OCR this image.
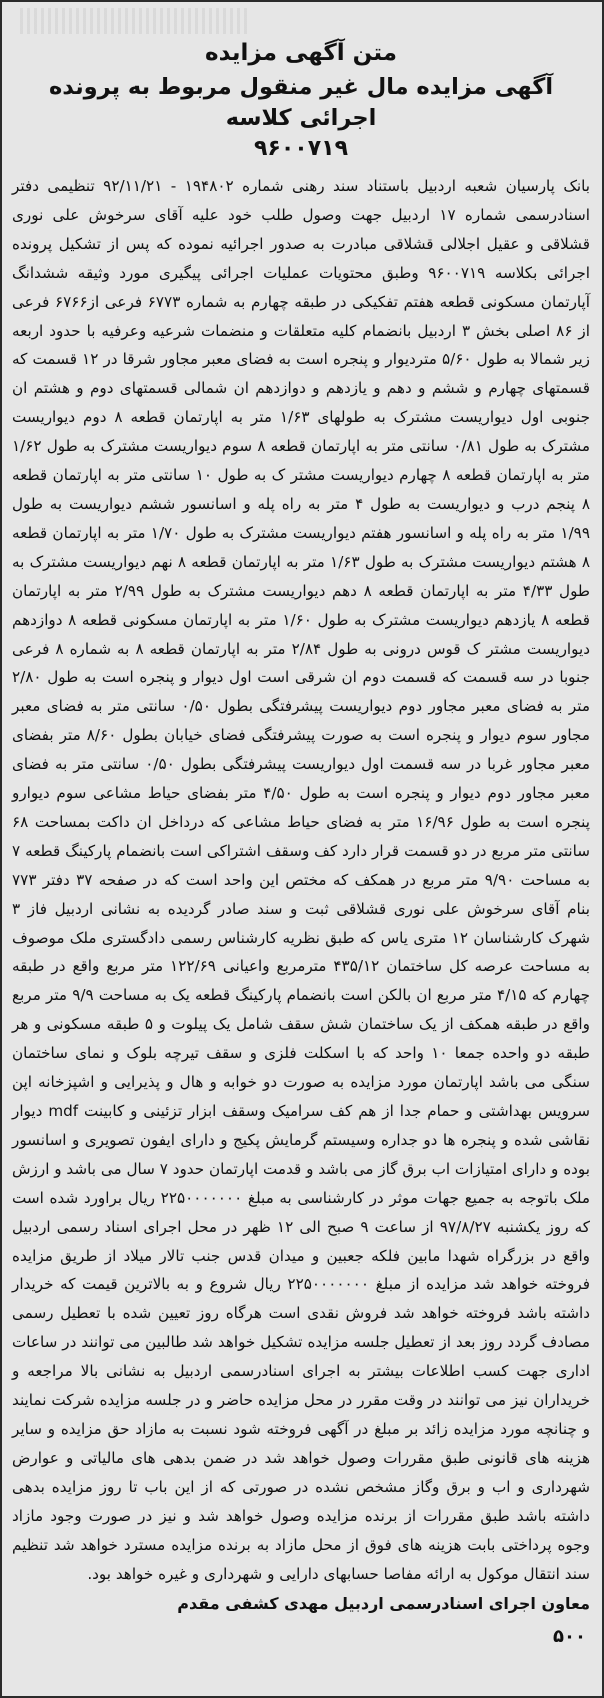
متن آگهی مزایده
آگهی مزایده مال غیر منقول مربوط به پرونده اجرائی کلاسه
۹۶۰۰۷۱۹

بانک پارسیان شعبه اردبیل باستناد سند رهنی شماره ۱۹۴۸۰۲ - ۹۲/۱۱/۲۱ تنظیمی دفتر اسنادرسمی شماره ۱۷ اردبیل جهت وصول طلب خود علیه آقای سرخوش علی نوری قشلاقی و عقیل اجلالی قشلاقی مبادرت به صدور اجرائیه نموده که پس از تشکیل پرونده اجرائی بکلاسه ۹۶۰۰۷۱۹ وطبق محتویات عملیات اجرائی پیگیری مورد وثیقه ششدانگ آپارتمان مسکونی قطعه هفتم تفکیکی در طبقه چهارم به شماره ۶۷۷۳ فرعی از۶۷۶۶ فرعی از ۸۶ اصلی بخش ۳ اردبیل بانضمام کلیه متعلقات و منضمات شرعیه وعرفیه با حدود اربعه زیر شمالا به طول ۵/۶۰ متردیوار و پنجره است به فضای معبر مجاور شرقا در ۱۲ قسمت که قسمتهای چهارم و ششم و دهم و یازدهم و دوازدهم ان شمالی قسمتهای دوم و هشتم ان جنوبی اول دیواریست مشترک به طولهای ۱/۶۳ متر به اپارتمان قطعه ۸ دوم دیواریست مشترک به طول ۰/۸۱ سانتی متر به اپارتمان قطعه ۸ سوم دیواریست مشترک به طول ۱/۶۲ متر به اپارتمان قطعه ۸ چهارم دیواریست مشتر ک به طول ۱۰ سانتی متر به اپارتمان قطعه ۸ پنجم درب و دیواریست به طول ۴ متر به راه پله و اسانسور ششم دیواریست به طول ۱/۹۹ متر به راه پله و اسانسور هفتم دیواریست مشترک به طول ۱/۷۰ متر به اپارتمان قطعه ۸ هشتم دیواریست مشترک به طول ۱/۶۳ متر به اپارتمان قطعه ۸ نهم دیواریست مشترک به طول ۴/۳۳ متر به اپارتمان قطعه ۸ دهم دیواریست مشترک به طول ۲/۹۹ متر به اپارتمان قطعه ۸ یازدهم دیواریست مشترک به طول ۱/۶۰ متر به اپارتمان مسکونی قطعه ۸ دوازدهم دیواریست مشتر ک قوس درونی به طول ۲/۸۴ متر به اپارتمان قطعه ۸ به شماره ۸ فرعی جنوبا در سه قسمت که قسمت دوم ان شرقی است اول دیوار و پنجره است به طول ۲/۸۰ متر به فضای معبر مجاور دوم دیواریست پیشرفتگی بطول ۰/۵۰ سانتی متر به فضای معبر مجاور سوم دیوار و پنجره است به صورت پیشرفتگی فضای خیابان بطول ۸/۶۰ متر بفضای معبر مجاور غربا در سه قسمت اول دیواریست پیشرفتگی بطول ۰/۵۰ سانتی متر به فضای معبر مجاور دوم دیوار و پنجره است به طول ۴/۵۰ متر بفضای حیاط مشاعی سوم دیوارو پنجره است به طول ۱۶/۹۶ متر به فضای حیاط مشاعی که درداخل ان داکت بمساحت ۶۸ سانتی متر مربع در دو قسمت قرار دارد کف وسقف اشتراکی است بانضمام پارکینگ قطعه ۷ به مساحت ۹/۹۰ متر مربع در همکف که مختص این واحد است که در صفحه ۳۷ دفتر ۷۷۳ بنام آقای سرخوش علی نوری قشلاقی ثبت و سند صادر گردیده به نشانی اردبیل فاز ۳ شهرک کارشناسان ۱۲ متری یاس که طبق نظریه کارشناس رسمی دادگستری ملک موصوف به مساحت عرصه کل ساختمان ۴۳۵/۱۲ مترمربع واعیانی ۱۲۲/۶۹ متر مربع واقع در طبقه چهارم که ۴/۱۵ متر مربع ان بالکن است بانضمام پارکینگ قطعه یک به مساحت ۹/۹ متر مربع واقع در طبقه همکف از یک ساختمان شش سقف شامل یک پیلوت و ۵ طبقه مسکونی و هر طبقه دو واحده جمعا ۱۰ واحد که با اسکلت فلزی و سقف تیرچه بلوک و نمای ساختمان سنگی می باشد اپارتمان مورد مزایده به صورت دو خوابه و هال و پذیرایی و اشپزخانه اپن سرویس بهداشتی و حمام جدا از هم کف سرامیک وسقف ابزار تزئینی و کابینت mdf دیوار نقاشی شده و پنجره ها دو جداره وسیستم گرمایش پکیج و دارای ایفون تصویری و اسانسور بوده و دارای امتیازات اب برق گاز می باشد و قدمت اپارتمان حدود ۷ سال می باشد و ارزش ملک باتوجه به جمیع جهات موثر در کارشناسی به مبلغ ۲۲۵۰۰۰۰۰۰۰ ریال براورد شده است که روز یکشنبه ۹۷/۸/۲۷ از ساعت ۹ صبح الی ۱۲ ظهر در محل اجرای اسناد رسمی اردبیل واقع در بزرگراه شهدا مابین فلکه جعبین و میدان قدس جنب تالار میلاد از طریق مزایده فروخته خواهد شد مزایده از مبلغ ۲۲۵۰۰۰۰۰۰۰ ریال شروع و به بالاترین قیمت که خریدار داشته باشد فروخته خواهد شد فروش نقدی است هرگاه روز تعیین شده با تعطیل رسمی مصادف گردد روز بعد از تعطیل جلسه مزایده تشکیل خواهد شد طالبین می توانند در ساعات اداری جهت کسب اطلاعات بیشتر به اجرای اسنادرسمی اردبیل به نشانی بالا مراجعه و خریداران نیز می توانند در وقت مقرر در محل مزایده حاضر و در جلسه مزایده شرکت نمایند و چنانچه مورد مزایده زائد بر مبلغ در آگهی فروخته شود نسبت به مازاد حق مزایده و سایر هزینه های قانونی طبق مقررات وصول خواهد شد در ضمن بدهی های مالیاتی و عوارض شهرداری و اب و برق وگاز مشخص نشده در صورتی که از این باب تا روز مزایده بدهی داشته باشد طبق مقررات از برنده مزایده وصول خواهد شد و نیز در صورت وجود مازاد وجوه پرداختی بابت هزینه های فوق از محل مازاد به برنده مزایده مسترد خواهد شد تنظیم سند انتقال موکول به ارائه مفاصا حسابهای دارایی و شهرداری و غیره خواهد بود.

معاون اجرای اسنادرسمی اردبیل مهدی کشفی مقدم
۵۰۰
